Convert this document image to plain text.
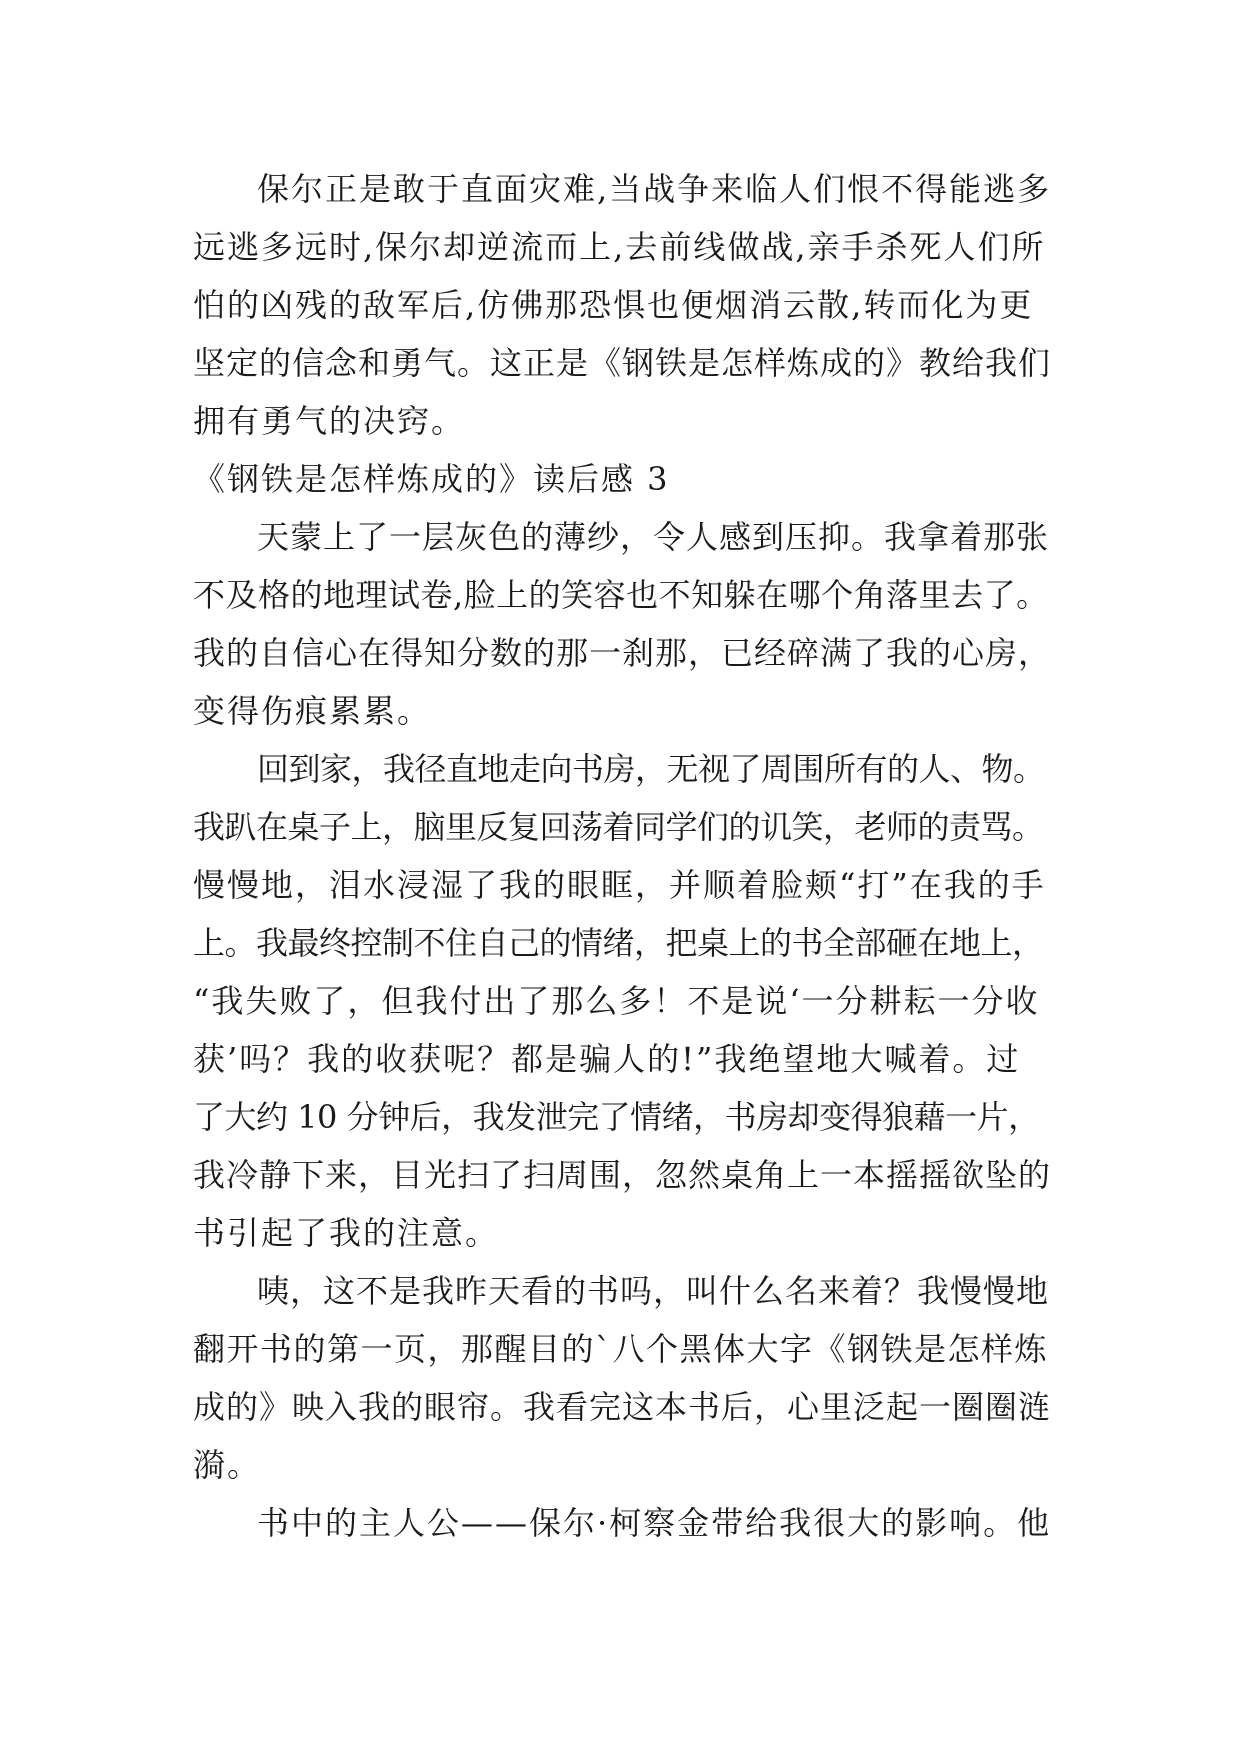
保尔正是敢于直面灾难,当战争来临人们恨不得能逃多
远逃多远时,保尔却逆流而上,去前线做战,亲手杀死人们所
怕的凶残的敌军后,仿佛那恐惧也便烟消云散,转而化为更
坚定的信念和勇气。这正是《钢铁是怎样炼成的》教给我们
拥有勇气的决窍。
《钢铁是怎样炼成的》读后感 3
天蒙上了一层灰色的薄纱，令人感到压抑。我拿着那张
不及格的地理试卷,脸上的笑容也不知躲在哪个角落里去了。
我的自信心在得知分数的那一刹那，已经碎满了我的心房，
变得伤痕累累。
回到家，我径直地走向书房，无视了周围所有的人、物。
我趴在桌子上，脑里反复回荡着同学们的讥笑，老师的责骂。
慢慢地，泪水浸湿了我的眼眶，并顺着脸颊“打”在我的手
上。我最终控制不住自己的情绪，把桌上的书全部砸在地上，
“我失败了，但我付出了那么多！不是说‘一分耕耘一分收
获’吗？我的收获呢？都是骗人的!”我绝望地大喊着。过
了大约 10 分钟后，我发泄完了情绪，书房却变得狼藉一片，
我冷静下来，目光扫了扫周围，忽然桌角上一本摇摇欲坠的
书引起了我的注意。
咦，这不是我昨天看的书吗，叫什么名来着？我慢慢地
翻开书的第一页，那醒目的`八个黑体大字《钢铁是怎样炼
成的》映入我的眼帘。我看完这本书后，心里泛起一圈圈涟
漪。
书中的主人公——保尔·柯察金带给我很大的影响。他
